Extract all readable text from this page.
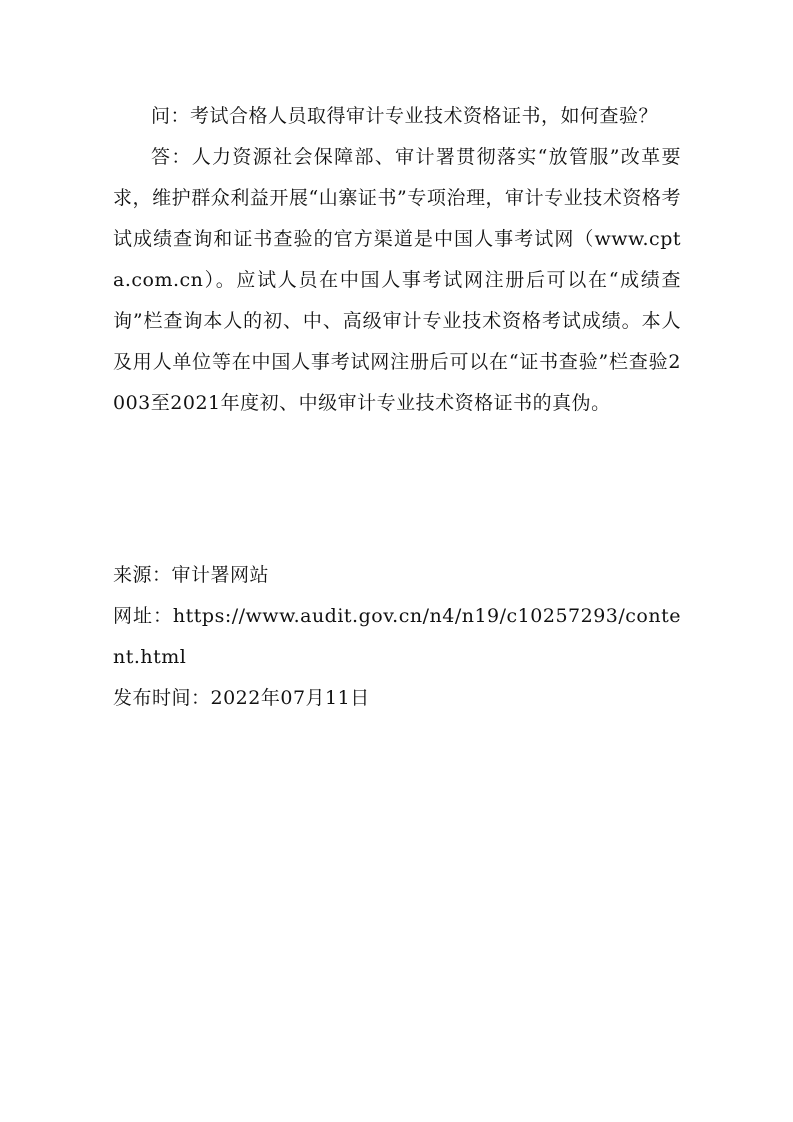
问：考试合格人员取得审计专业技术资格证书，如何查验？

答：人力资源社会保障部、审计署贯彻落实“放管服”改革要求，维护群众利益开展“山寨证书”专项治理，审计专业技术资格考试成绩查询和证书查验的官方渠道是中国人事考试网（www.cpta.com.cn）。应试人员在中国人事考试网注册后可以在“成绩查询”栏查询本人的初、中、高级审计专业技术资格考试成绩。本人及用人单位等在中国人事考试网注册后可以在“证书查验”栏查验2003至2021年度初、中级审计专业技术资格证书的真伪。

来源：审计署网站

网址：https://www.audit.gov.cn/n4/n19/c10257293/content.html

发布时间：2022年07月11日
